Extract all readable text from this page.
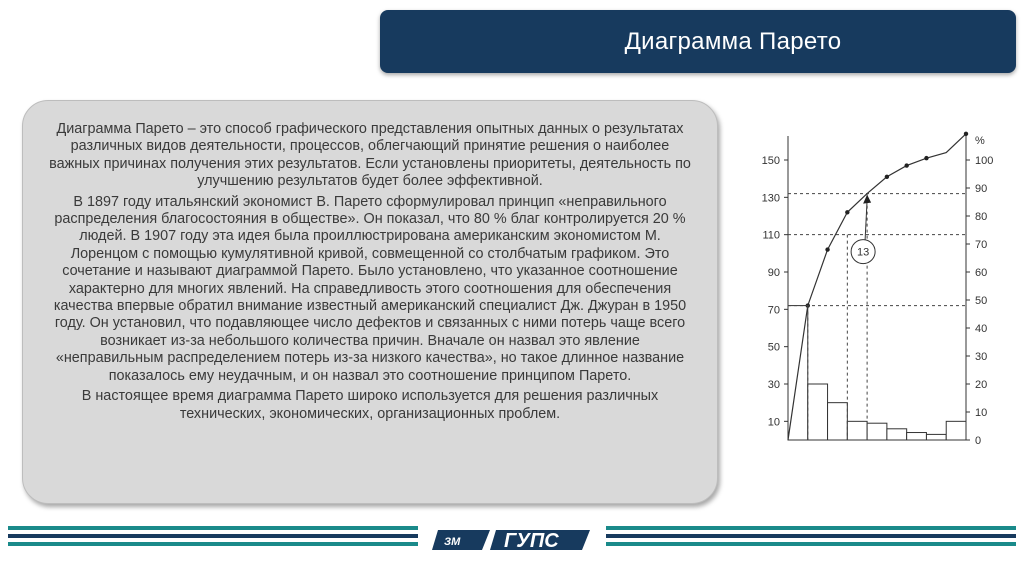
Диаграмма Парето

Диаграмма Парето – это способ графического представления опытных данных о результатах различных видов деятельности, процессов, облегчающий принятие решения о наиболее важных причинах получения этих результатов. Если установлены приоритеты, деятельность по улучшению результатов будет более эффективной.

В 1897 году итальянский экономист В. Парето сформулировал принцип «неправильного распределения благосостояния в обществе». Он показал, что 80 % благ контролируется 20 % людей. В 1907 году эта идея была проиллюстрирована американским экономистом М. Лоренцом с помощью кумулятивной кривой, совмещенной со столбчатым графиком. Это сочетание и называют диаграммой Парето. Было установлено, что указанное соотношение характерно для многих явлений. На справедливость этого соотношения для обеспечения качества впервые обратил внимание известный американский специалист Дж. Джуран в 1950 году. Он установил, что подавляющее число дефектов и связанных с ними потерь чаще всего возникает из-за небольшого количества причин. Вначале он назвал это явление «неправильным распределением потерь из-за низкого качества», но такое длинное название показалось ему неудачным, и он назвал это соотношение принципом Парето.

В настоящее время диаграмма Парето широко используется для решения различных технических, экономических, организационных проблем.

150
130
110
90
70
50
30
10
100
90
80
70
60
50
40
30
20
10
0
%
13
ЗМ ГУПС
